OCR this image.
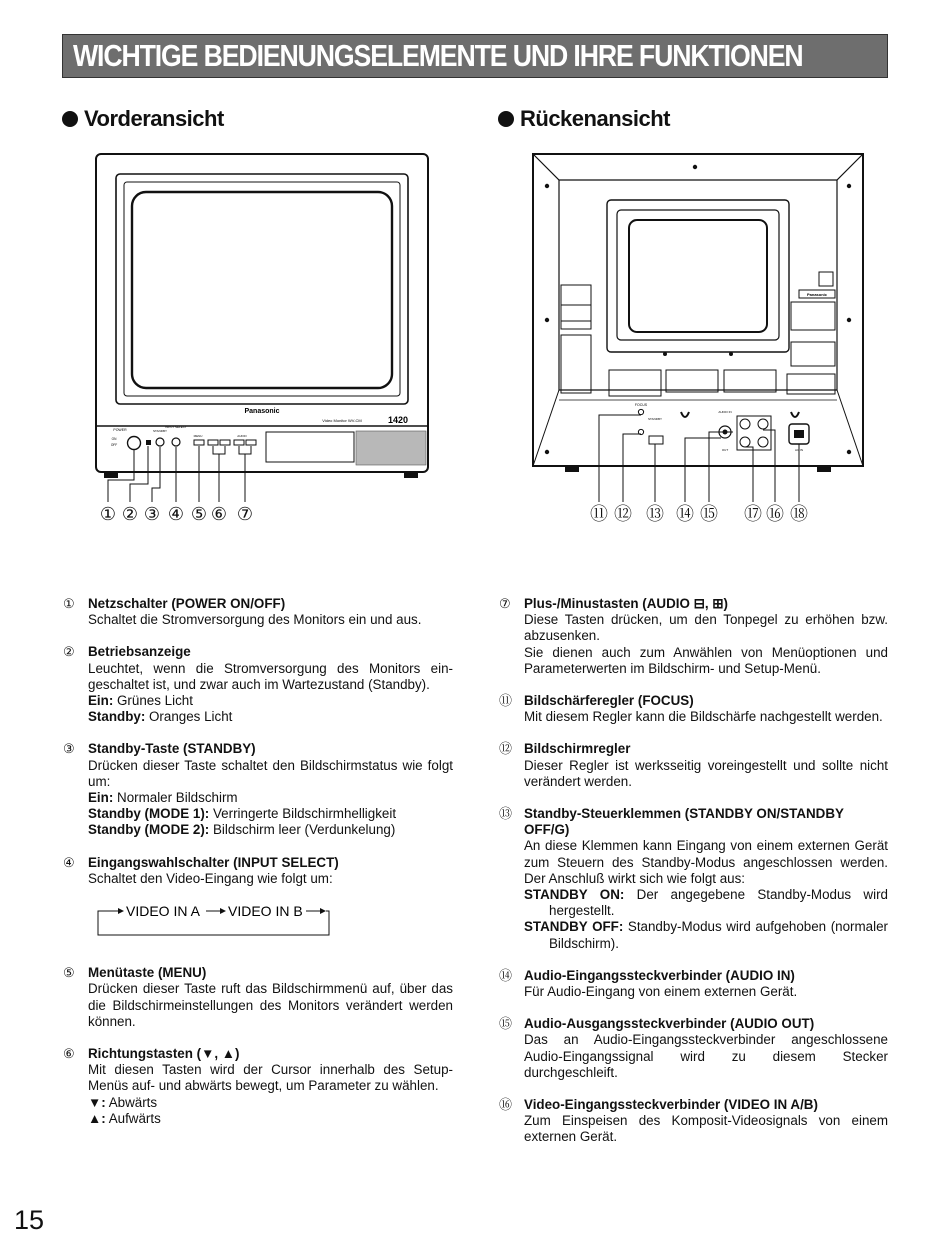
WICHTIGE BEDIENUNGSELEMENTE UND IHRE FUNKTIONEN
Vorderansicht	Rückenansicht
Panasonic
Video Monitor WV-CM	1420
POWER
ON
OFF
STANDBY
INPUT SELECT
MENU	AUDIO
① ② ③ ④ ⑤ ⑥ ⑦
Panasonic
FOCUS
STANDBY
AUDIO IN
OUT	AC IN
⑪ ⑫ ⑬ ⑭ ⑮ ⑰ ⑯ ⑱
① Netzschalter (POWER ON/OFF)
Schaltet die Stromversorgung des Monitors ein und aus.
② Betriebsanzeige
Leuchtet, wenn die Stromversorgung des Monitors ein-geschaltet ist, und zwar auch im Wartezustand (Standby).
Ein: Grünes Licht
Standby: Oranges Licht
③ Standby-Taste (STANDBY)
Drücken dieser Taste schaltet den Bildschirmstatus wie folgt um:
Ein: Normaler Bildschirm
Standby (MODE 1): Verringerte Bildschirmhelligkeit
Standby (MODE 2): Bildschirm leer (Verdunkelung)
④ Eingangswahlschalter (INPUT SELECT)
Schaltet den Video-Eingang wie folgt um:
VIDEO IN A VIDEO IN B
⑤ Menütaste (MENU)
Drücken dieser Taste ruft das Bildschirmmenü auf, über das die Bildschirmeinstellungen des Monitors verändert werden können.
⑥ Richtungstasten (▼, ▲)
Mit diesen Tasten wird der Cursor innerhalb des Setup-Menüs auf- und abwärts bewegt, um Parameter zu wählen.
▼: Abwärts
▲: Aufwärts
⑦ Plus-/Minustasten (AUDIO ⊟, ⊞)
Diese Tasten drücken, um den Tonpegel zu erhöhen bzw. abzusenken.
Sie dienen auch zum Anwählen von Menüoptionen und Parameterwerten im Bildschirm- und Setup-Menü.
⑪ Bildschärferegler (FOCUS)
Mit diesem Regler kann die Bildschärfe nachgestellt werden.
⑫ Bildschirmregler
Dieser Regler ist werksseitig voreingestellt und sollte nicht verändert werden.
⑬ Standby-Steuerklemmen (STANDBY ON/STANDBY OFF/G)
An diese Klemmen kann Eingang von einem externen Gerät zum Steuern des Standby-Modus angeschlossen werden. Der Anschluß wirkt sich wie folgt aus:
STANDBY ON: Der angegebene Standby-Modus wird hergestellt.
STANDBY OFF: Standby-Modus wird aufgehoben (normaler Bildschirm).
⑭ Audio-Eingangssteckverbinder (AUDIO IN)
Für Audio-Eingang von einem externen Gerät.
⑮ Audio-Ausgangssteckverbinder (AUDIO OUT)
Das an Audio-Eingangssteckverbinder angeschlossene Audio-Eingangssignal wird zu diesem Stecker durchgeschleift.
⑯ Video-Eingangssteckverbinder (VIDEO IN A/B)
Zum Einspeisen des Komposit-Videosignals von einem externen Gerät.
15
